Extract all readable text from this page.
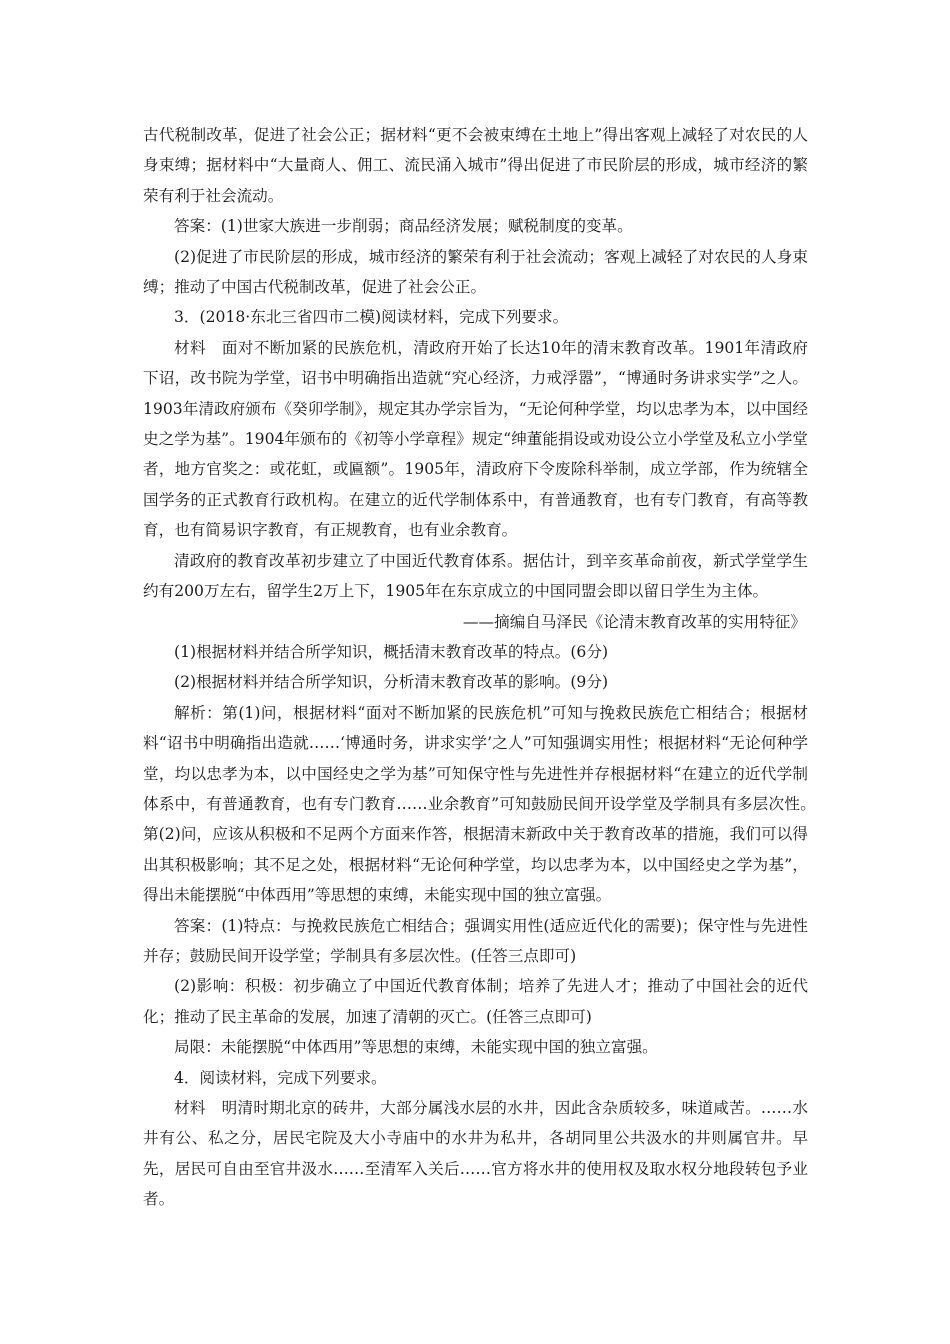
古代税制改革，促进了社会公正；据材料“更不会被束缚在土地上”得出客观上减轻了对农民的人身束缚；据材料中“大量商人、佣工、流民涌入城市”得出促进了市民阶层的形成，城市经济的繁荣有利于社会流动。

答案：(1)世家大族进一步削弱；商品经济发展；赋税制度的变革。

(2)促进了市民阶层的形成，城市经济的繁荣有利于社会流动；客观上减轻了对农民的人身束缚；推动了中国古代税制改革，促进了社会公正。

3．(2018·东北三省四市二模)阅读材料，完成下列要求。

材料　面对不断加紧的民族危机，清政府开始了长达10年的清末教育改革。1901年清政府下诏，改书院为学堂，诏书中明确指出造就“究心经济，力戒浮嚣”，“博通时务讲求实学”之人。1903年清政府颁布《癸卯学制》，规定其办学宗旨为，“无论何种学堂，均以忠孝为本，以中国经史之学为基”。1904年颁布的《初等小学章程》规定“绅董能捐设或劝设公立小学堂及私立小学堂者，地方官奖之：或花虹，或匾额”。1905年，清政府下令废除科举制，成立学部，作为统辖全国学务的正式教育行政机构。在建立的近代学制体系中，有普通教育，也有专门教育，有高等教育，也有简易识字教育，有正规教育，也有业余教育。

清政府的教育改革初步建立了中国近代教育体系。据估计，到辛亥革命前夜，新式学堂学生约有200万左右，留学生2万上下，1905年在东京成立的中国同盟会即以留日学生为主体。

——摘编自马泽民《论清末教育改革的实用特征》

(1)根据材料并结合所学知识，概括清末教育改革的特点。(6分)

(2)根据材料并结合所学知识，分析清末教育改革的影响。(9分)

解析：第(1)问，根据材料“面对不断加紧的民族危机”可知与挽救民族危亡相结合；根据材料“诏书中明确指出造就……‘博通时务，讲求实学’之人”可知强调实用性；根据材料“无论何种学堂，均以忠孝为本，以中国经史之学为基”可知保守性与先进性并存根据材料“在建立的近代学制体系中，有普通教育，也有专门教育……业余教育”可知鼓励民间开设学堂及学制具有多层次性。　第(2)问，应该从积极和不足两个方面来作答，根据清末新政中关于教育改革的措施，我们可以得出其积极影响；其不足之处，根据材料“无论何种学堂，均以忠孝为本，以中国经史之学为基”，得出未能摆脱“中体西用”等思想的束缚，未能实现中国的独立富强。

答案：(1)特点：与挽救民族危亡相结合；强调实用性(适应近代化的需要)；保守性与先进性并存；鼓励民间开设学堂；学制具有多层次性。(任答三点即可)

(2)影响：积极：初步确立了中国近代教育体制；培养了先进人才；推动了中国社会的近代化；推动了民主革命的发展，加速了清朝的灭亡。(任答三点即可)

局限：未能摆脱“中体西用”等思想的束缚，未能实现中国的独立富强。

4．阅读材料，完成下列要求。

材料　明清时期北京的砖井，大部分属浅水层的水井，因此含杂质较多，味道咸苦。……水井有公、私之分，居民宅院及大小寺庙中的水井为私井，各胡同里公共汲水的井则属官井。早先，居民可自由至官井汲水……至清军入关后……官方将水井的使用权及取水权分地段转包予业者。
